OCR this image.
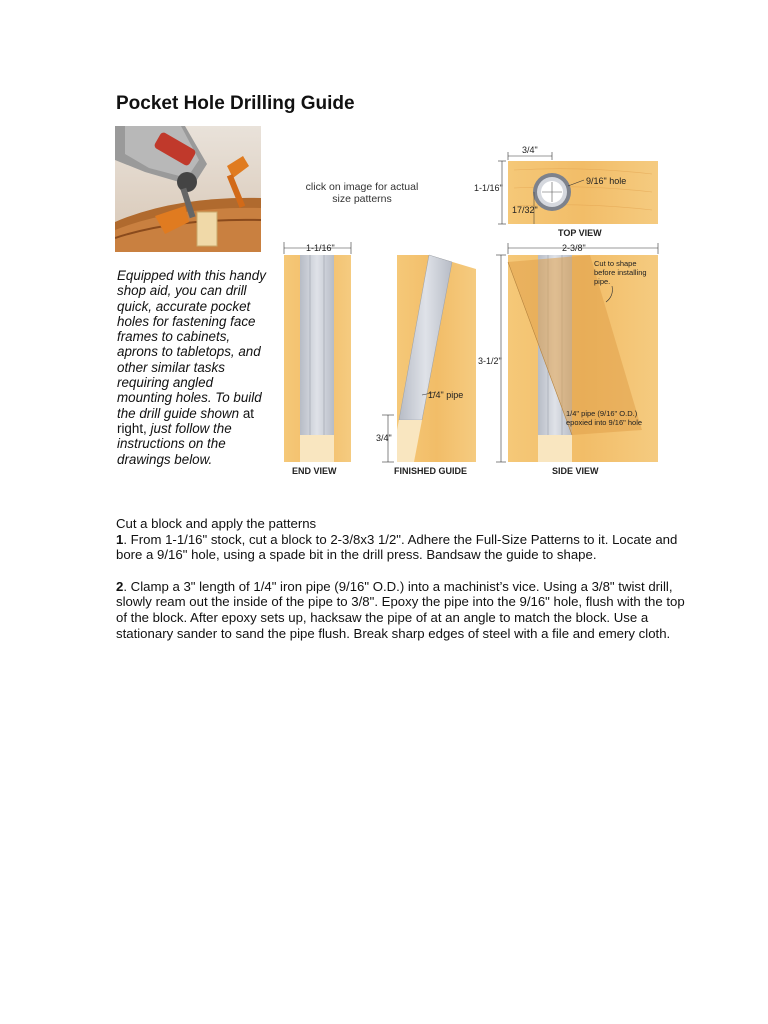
Pocket Hole Drilling Guide
Equipped with this handy shop aid, you can drill quick, accurate pocket holes for fastening face frames to cabinets, aprons to tabletops, and other similar tasks requiring angled mounting holes. To build the drill guide shown at right, just follow the instructions on the drawings below.
click on image for actual size patterns
3/4"
1-1/16"
17/32"
9/16" hole
TOP VIEW
1-1/16"
END VIEW
3/4"
1/4" pipe
FINISHED GUIDE
2-3/8"
3-1/2"
Cut to shape
before installing
pipe.
1/4" pipe (9/16" O.D.)
epoxied into 9/16" hole
SIDE VIEW

Cut a block and apply the patterns

1. From 1-1/16" stock, cut a block to 2-3/8x3 1/2". Adhere the Full-Size Patterns to it. Locate and bore a 9/16" hole, using a spade bit in the drill press. Bandsaw the guide to shape.

2. Clamp a 3" length of 1/4" iron pipe (9/16" O.D.) into a machinist’s vice. Using a 3/8" twist drill, slowly ream out the inside of the pipe to 3/8". Epoxy the pipe into the 9/16" hole, flush with the top of the block. After epoxy sets up, hacksaw the pipe of at an angle to match the block. Use a stationary sander to sand the pipe flush. Break sharp edges of steel with a file and emery cloth.
